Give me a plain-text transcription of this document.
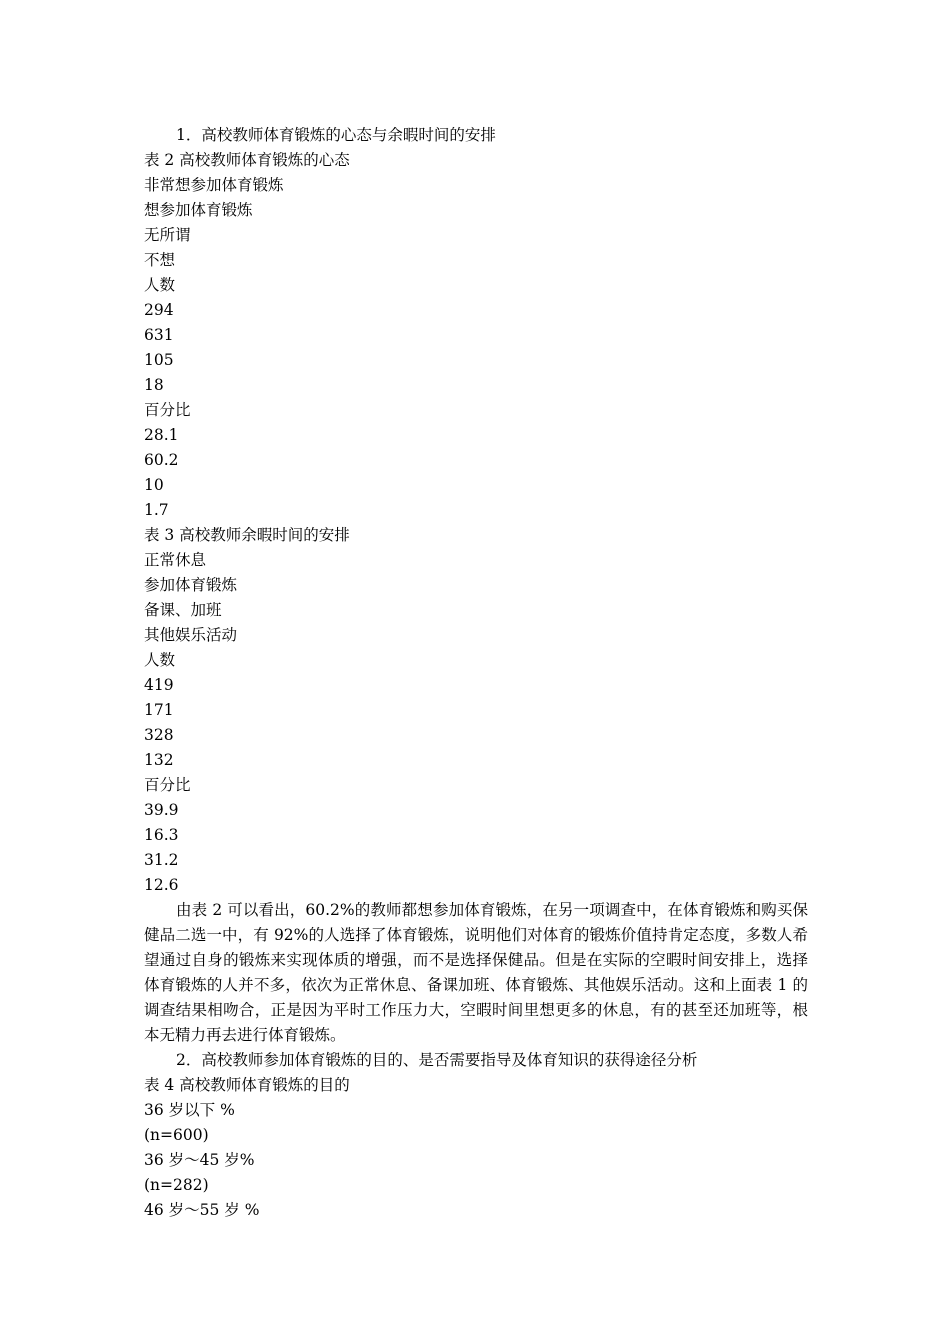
1．高校教师体育锻炼的心态与余暇时间的安排
表 2 高校教师体育锻炼的心态
非常想参加体育锻炼
想参加体育锻炼
无所谓
不想
人数
294
631
105
18
百分比
28.1
60.2
10
1.7
表 3 高校教师余暇时间的安排
正常休息
参加体育锻炼
备课、加班
其他娱乐活动
人数
419
171
328
132
百分比
39.9
16.3
31.2
12.6
由表 2 可以看出，60.2%的教师都想参加体育锻炼，在另一项调查中，在体育锻炼和购买保健品二选一中，有 92%的人选择了体育锻炼，说明他们对体育的锻炼价值持肯定态度，多数人希望通过自身的锻炼来实现体质的增强，而不是选择保健品。但是在实际的空暇时间安排上，选择体育锻炼的人并不多，依次为正常休息、备课加班、体育锻炼、其他娱乐活动。这和上面表 1 的调查结果相吻合，正是因为平时工作压力大，空暇时间里想更多的休息，有的甚至还加班等，根本无精力再去进行体育锻炼。
2．高校教师参加体育锻炼的目的、是否需要指导及体育知识的获得途径分析
表 4 高校教师体育锻炼的目的
36 岁以下 %
(n=600)
36 岁～45 岁%
(n=282)
46 岁～55 岁 %
